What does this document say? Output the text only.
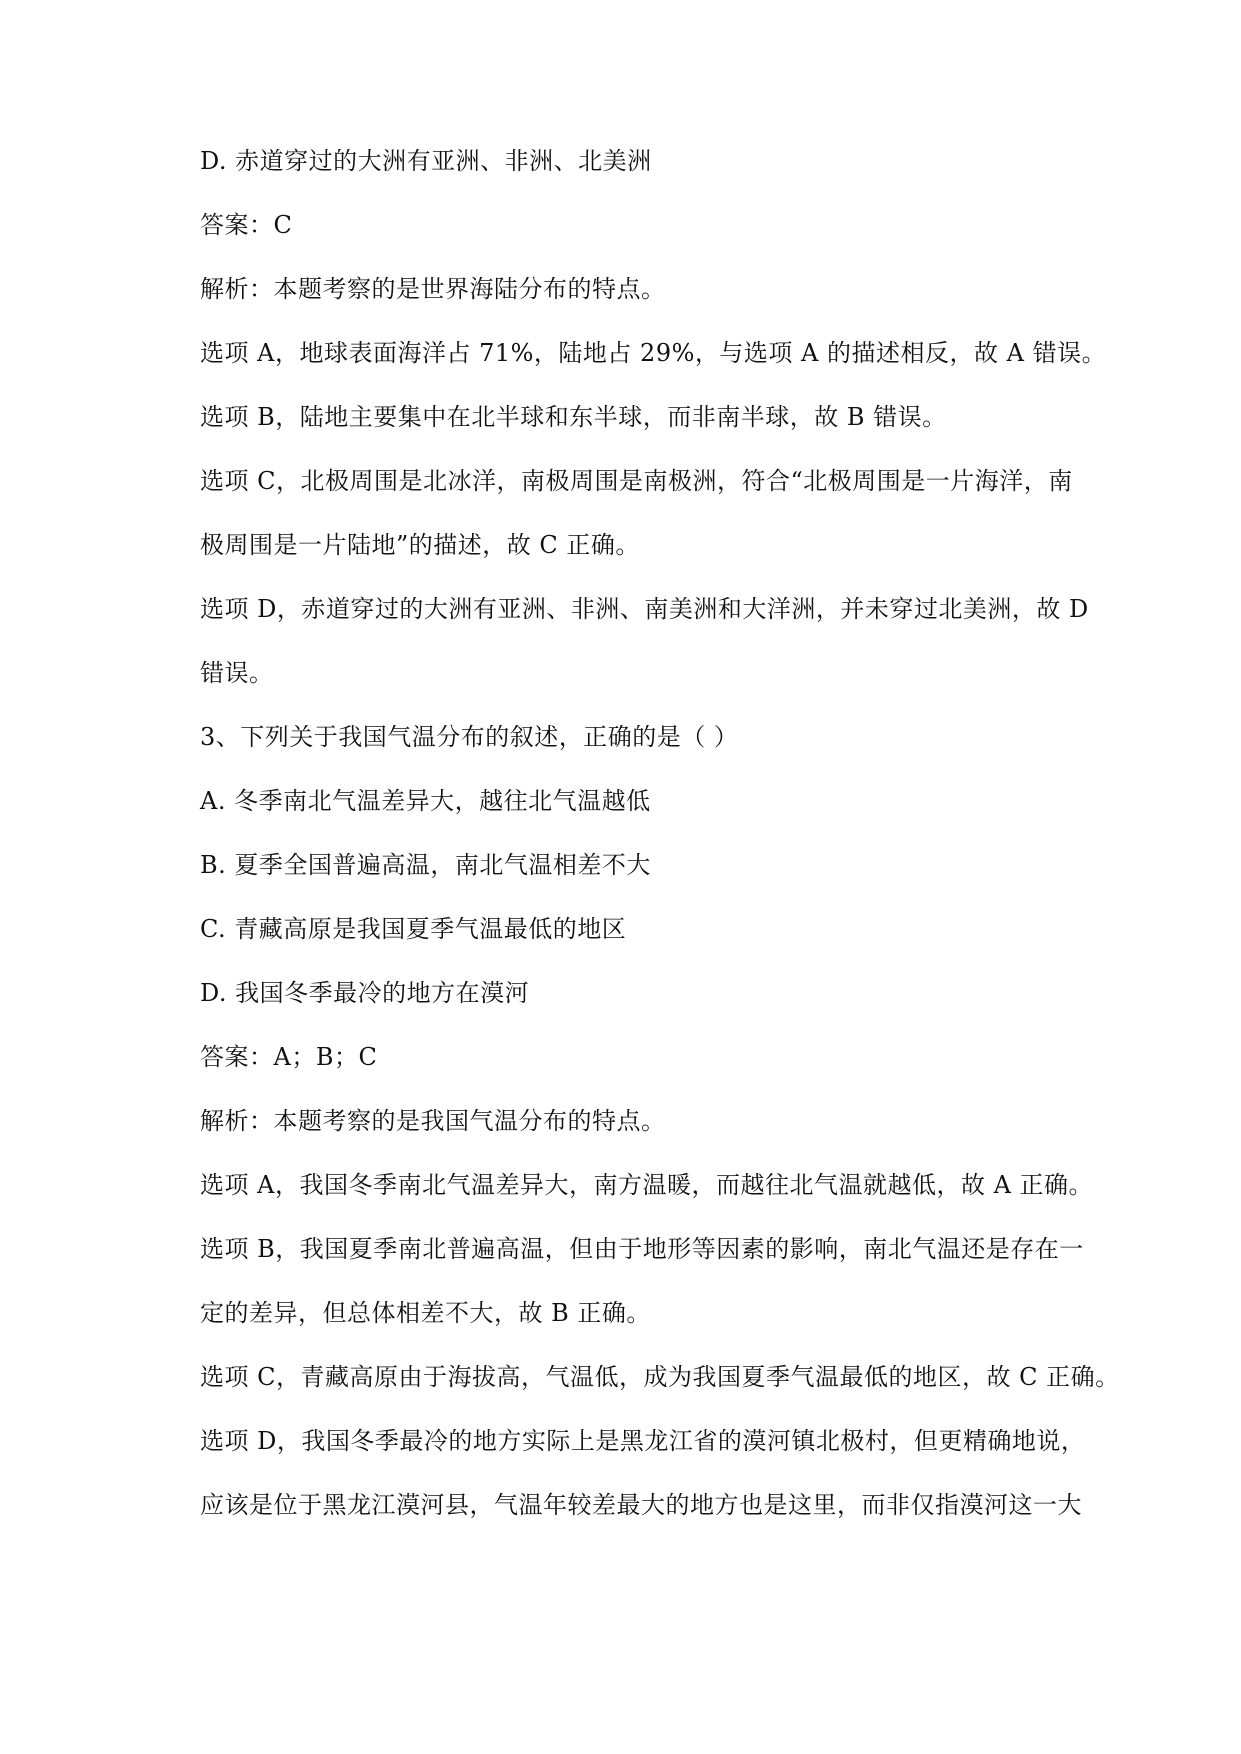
D. 赤道穿过的大洲有亚洲、非洲、北美洲
答案：C
解析：本题考察的是世界海陆分布的特点。
选项 A，地球表面海洋占 71%，陆地占 29%，与选项 A 的描述相反，故 A 错误。
选项 B，陆地主要集中在北半球和东半球，而非南半球，故 B 错误。
选项 C，北极周围是北冰洋，南极周围是南极洲，符合“北极周围是一片海洋，南
极周围是一片陆地”的描述，故 C 正确。
选项 D，赤道穿过的大洲有亚洲、非洲、南美洲和大洋洲，并未穿过北美洲，故 D
错误。
3、下列关于我国气温分布的叙述，正确的是（ ）
A. 冬季南北气温差异大，越往北气温越低
B. 夏季全国普遍高温，南北气温相差不大
C. 青藏高原是我国夏季气温最低的地区
D. 我国冬季最冷的地方在漠河
答案：A；B；C
解析：本题考察的是我国气温分布的特点。
选项 A，我国冬季南北气温差异大，南方温暖，而越往北气温就越低，故 A 正确。
选项 B，我国夏季南北普遍高温，但由于地形等因素的影响，南北气温还是存在一
定的差异，但总体相差不大，故 B 正确。
选项 C，青藏高原由于海拔高，气温低，成为我国夏季气温最低的地区，故 C 正确。
选项 D，我国冬季最冷的地方实际上是黑龙江省的漠河镇北极村，但更精确地说，
应该是位于黑龙江漠河县，气温年较差最大的地方也是这里，而非仅指漠河这一大
